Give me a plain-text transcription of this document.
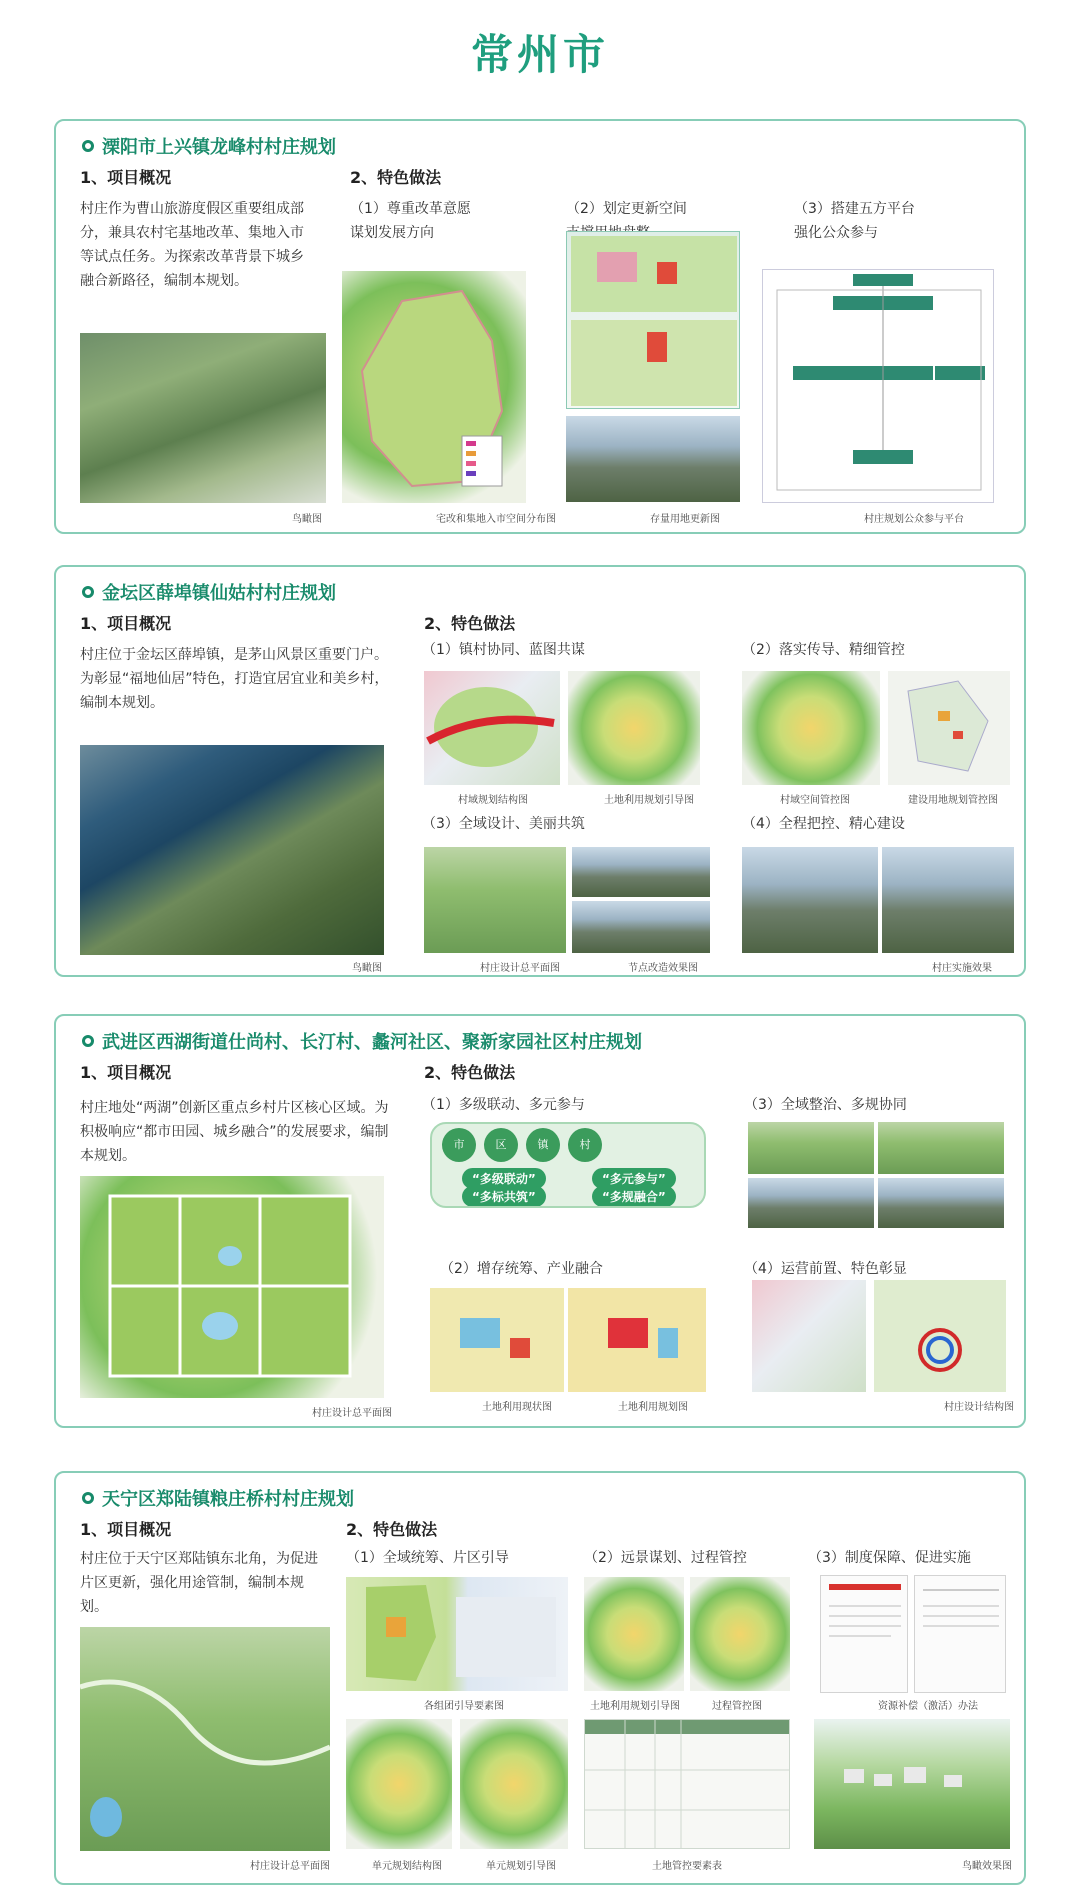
常州市
溧阳市上兴镇龙峰村村庄规划
1、项目概况
村庄作为曹山旅游度假区重要组成部分，兼具农村宅基地改革、集地入市等试点任务。为探索改革背景下城乡融合新路径，编制本规划。
鸟瞰图
2、特色做法
（1）尊重改革意愿
谋划发展方向
（2）划定更新空间	（3）搭建五方平台
强化公众参与
宅改和集地入市空间分布图	存量用地更新图	村庄规划公众参与平台
金坛区薛埠镇仙姑村村庄规划
1、项目概况
村庄位于金坛区薛埠镇，是茅山风景区重要门户。为彰显“福地仙居”特色，打造宜居宜业和美乡村，编制本规划。
鸟瞰图
2、特色做法
（1）镇村协同、蓝图共谋	（2）落实传导、精细管控
村域规划结构图	土地利用规划引导图	村域空间管控图	建设用地规划管控图
（3）全域设计、美丽共筑	（4）全程把控、精心建设
村庄设计总平面图	节点改造效果图	村庄实施效果
武进区西湖街道仕尚村、长汀村、蠡河社区、聚新家园社区村庄规划
1、项目概况
村庄地处“两湖”创新区重点乡村片区核心区域。为积极响应“都市田园、城乡融合”的发展要求，编制本规划。
村庄设计总平面图
2、特色做法
（1）多级联动、多元参与	（3）全域整治、多规协同
市	区	镇	村
“多级联动”	“多元参与”
“多标共筑”	“多规融合”
（2）增存统筹、产业融合	（4）运营前置、特色彰显
土地利用现状图	土地利用规划图	村庄设计结构图
天宁区郑陆镇粮庄桥村村庄规划
1、项目概况
村庄位于天宁区郑陆镇东北角，为促进片区更新，强化用途管制，编制本规划。
村庄设计总平面图
2、特色做法
（1）全域统筹、片区引导	（2）远景谋划、过程管控	（3）制度保障、促进实施
各组团引导要素图
单元规划结构图	单元规划引导图
土地利用规划引导图	过程管控图
土地管控要素表
资源补偿（激活）办法
鸟瞰效果图
